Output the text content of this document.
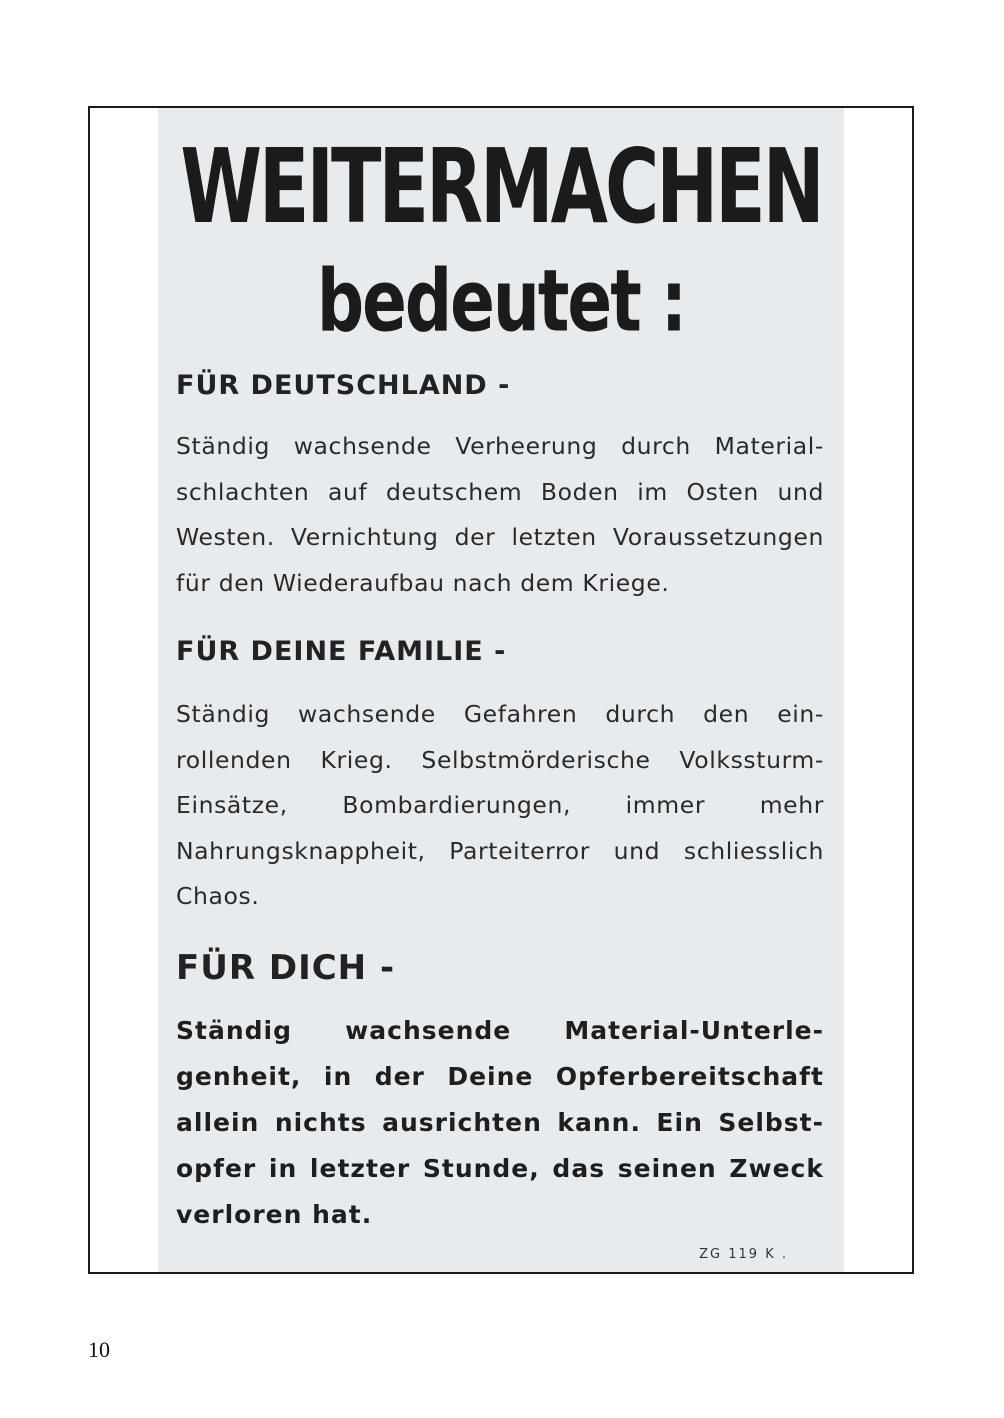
WEITERMACHEN
bedeutet :
FÜR DEUTSCHLAND -

Ständig wachsende Verheerung durch Material-schlachten auf deutschem Boden im Osten und Westen. Vernichtung der letzten Voraussetzungen für den Wiederaufbau nach dem Kriege.

FÜR DEINE FAMILIE -

Ständig wachsende Gefahren durch den ein-rollenden Krieg. Selbstmörderische Volkssturm-Einsätze, Bombardierungen, immer mehr Nahrungsknappheit, Parteiterror und schliesslich Chaos.

FÜR DICH -

Ständig wachsende Material-Unterle-genheit, in der Deine Opferbereitschaft allein nichts ausrichten kann. Ein Selbst-opfer in letzter Stunde, das seinen Zweck verloren hat.

ZG 119 K .

10
